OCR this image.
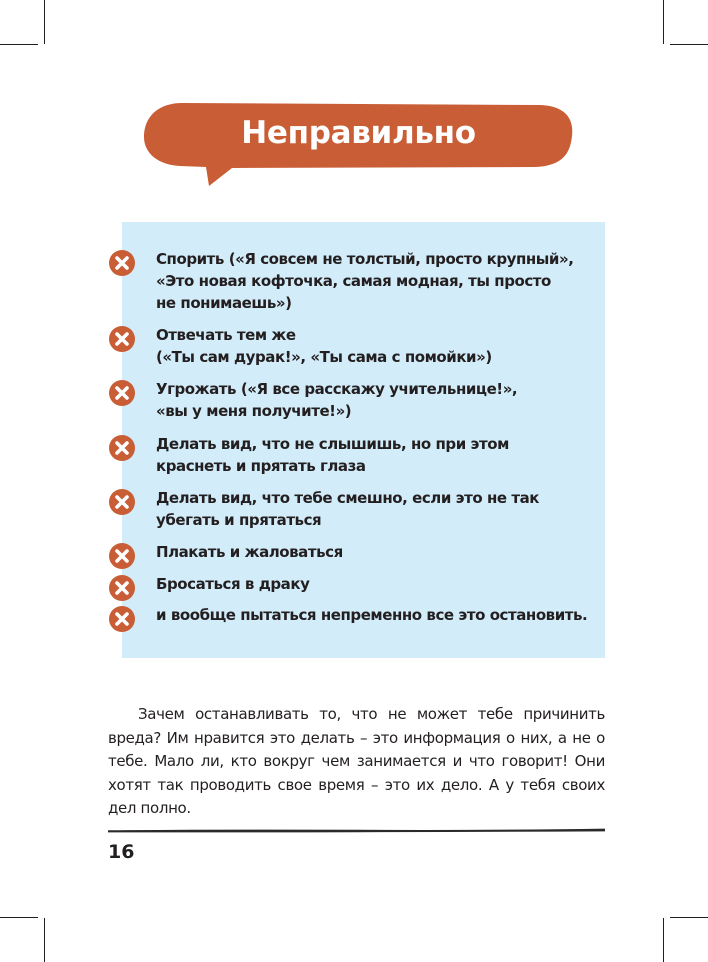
Неправильно
Спорить («Я совсем не толстый, просто крупный»,
«Это новая кофточка, самая модная, ты просто
не понимаешь»)
Отвечать тем же
(«Ты сам дурак!», «Ты сама с помойки»)
Угрожать («Я все расскажу учительнице!»,
«вы у меня получите!»)
Делать вид, что не слышишь, но при этом
краснеть и прятать глаза
Делать вид, что тебе смешно, если это не так
убегать и прятаться
Плакать и жаловаться
Бросаться в драку
и вообще пытаться непременно все это остановить.

Зачем останавливать то, что не может тебе причинить вреда? Им нравится это делать – это информация о них, а не о тебе. Мало ли, кто вокруг чем занимается и что говорит! Они хотят так проводить свое время – это их дело. А у тебя своих дел полно.

16
